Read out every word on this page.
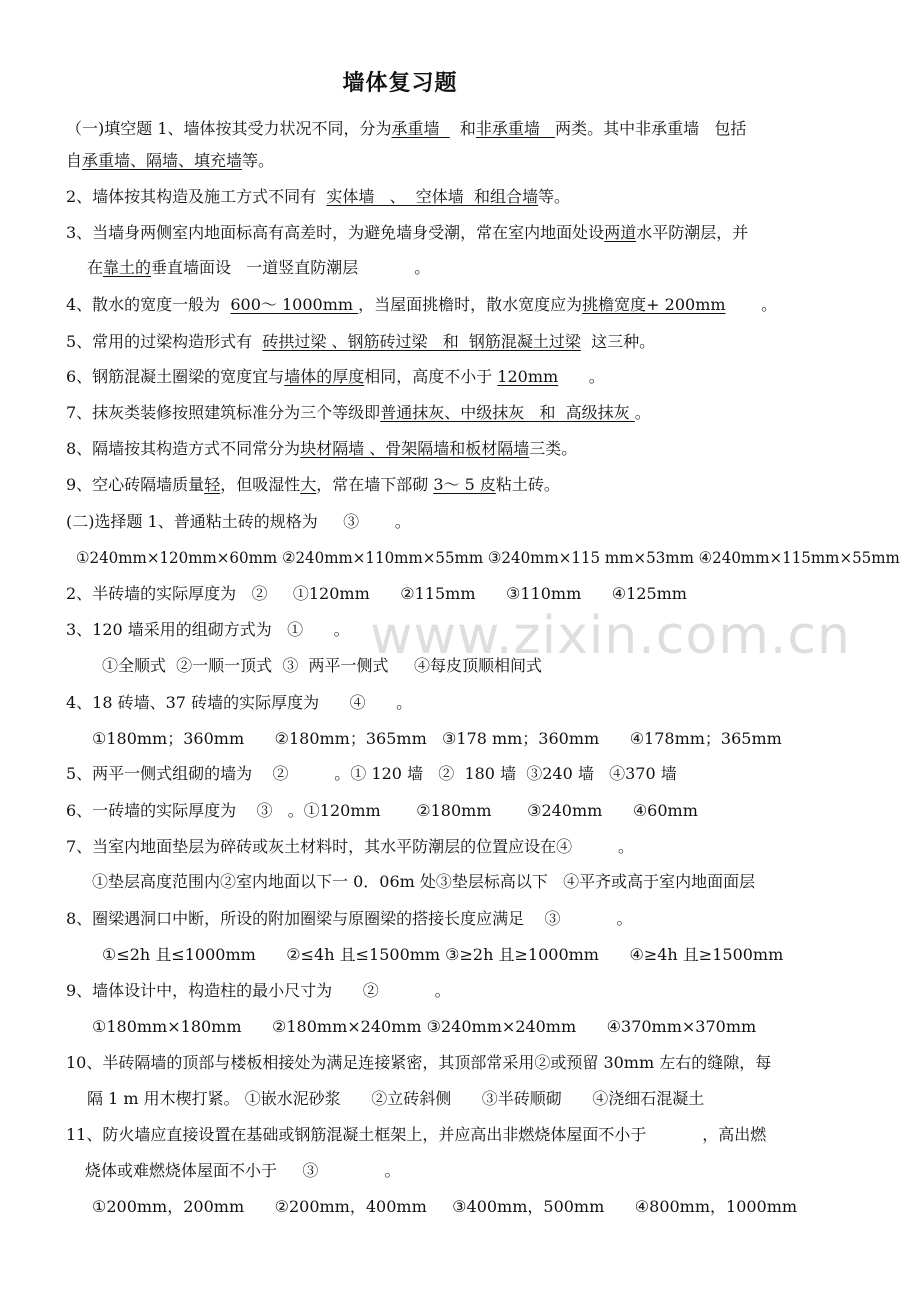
www.zixin.com.cn
墙体复习题
（一)填空题 1、墙体按其受力状况不同，分为承重墙    和非承重墙   两类。其中非承重墙   包括
自承重墙、隔墙、填充墙等。
2、墙体按其构造及施工方式不同有  实体墙   、  空体墙  和组合墙等。
3、当墙身两侧室内地面标高有高差时，为避免墙身受潮，常在室内地面处设两道水平防潮层，并
在靠土的垂直墙面设   一道竖直防潮层           。
4、散水的宽度一般为  600～ 1000mm ，当屋面挑檐时，散水宽度应为挑檐宽度+ 200mm       。
5、常用的过梁构造形式有  砖拱过梁 、钢筋砖过梁   和  钢筋混凝土过梁  这三种。
6、钢筋混凝土圈梁的宽度宜与墙体的厚度相同，高度不小于 120mm      。
7、抹灰类装修按照建筑标准分为三个等级即普通抹灰、中级抹灰   和  高级抹灰 。
8、隔墙按其构造方式不同常分为块材隔墙 、骨架隔墙和板材隔墙三类。
9、空心砖隔墙质量轻，但吸湿性大，常在墙下部砌 3～ 5 皮粘土砖。
(二)选择题 1、普通粘土砖的规格为     ③       。
①240mm×120mm×60mm ②240mm×110mm×55mm ③240mm×115 mm×53mm ④240mm×115mm×55mm
2、半砖墙的实际厚度为   ②     ①120mm      ②115mm      ③110mm      ④125mm
3、120 墙采用的组砌方式为   ①      。
①全顺式  ②一顺一顶式  ③  两平一侧式     ④每皮顶顺相间式
4、18 砖墙、37 砖墙的实际厚度为      ④      。
①180mm；360mm      ②180mm；365mm   ③178 mm；360mm      ④178mm；365mm
5、两平一侧式组砌的墙为    ②         。① 120 墙   ②  180 墙  ③240 墙   ④370 墙
6、一砖墙的实际厚度为    ③   。①120mm       ②180mm       ③240mm      ④60mm
7、当室内地面垫层为碎砖或灰土材料时，其水平防潮层的位置应设在④         。
①垫层高度范围内②室内地面以下一 0．06m 处③垫层标高以下   ④平齐或高于室内地面面层
8、圈梁遇洞口中断，所设的附加圈梁与原圈梁的搭接长度应满足    ③           。
①≤2h 且≤1000mm      ②≤4h 且≤1500mm ③≥2h 且≥1000mm      ④≥4h 且≥1500mm
9、墙体设计中，构造柱的最小尺寸为      ②           。
①180mm×180mm      ②180mm×240mm ③240mm×240mm      ④370mm×370mm
10、半砖隔墙的顶部与楼板相接处为满足连接紧密，其顶部常采用②或预留 30mm 左右的缝隙，每
隔 1 m 用木楔打紧。 ①嵌水泥砂浆      ②立砖斜侧      ③半砖顺砌      ④浇细石混凝土
11、防火墙应直接设置在基础或钢筋混凝土框架上，并应高出非燃烧体屋面不小于           ，高出燃
烧体或难燃烧体屋面不小于     ③             。
①200mm，200mm      ②200mm，400mm     ③400mm，500mm      ④800mm，1000mm
